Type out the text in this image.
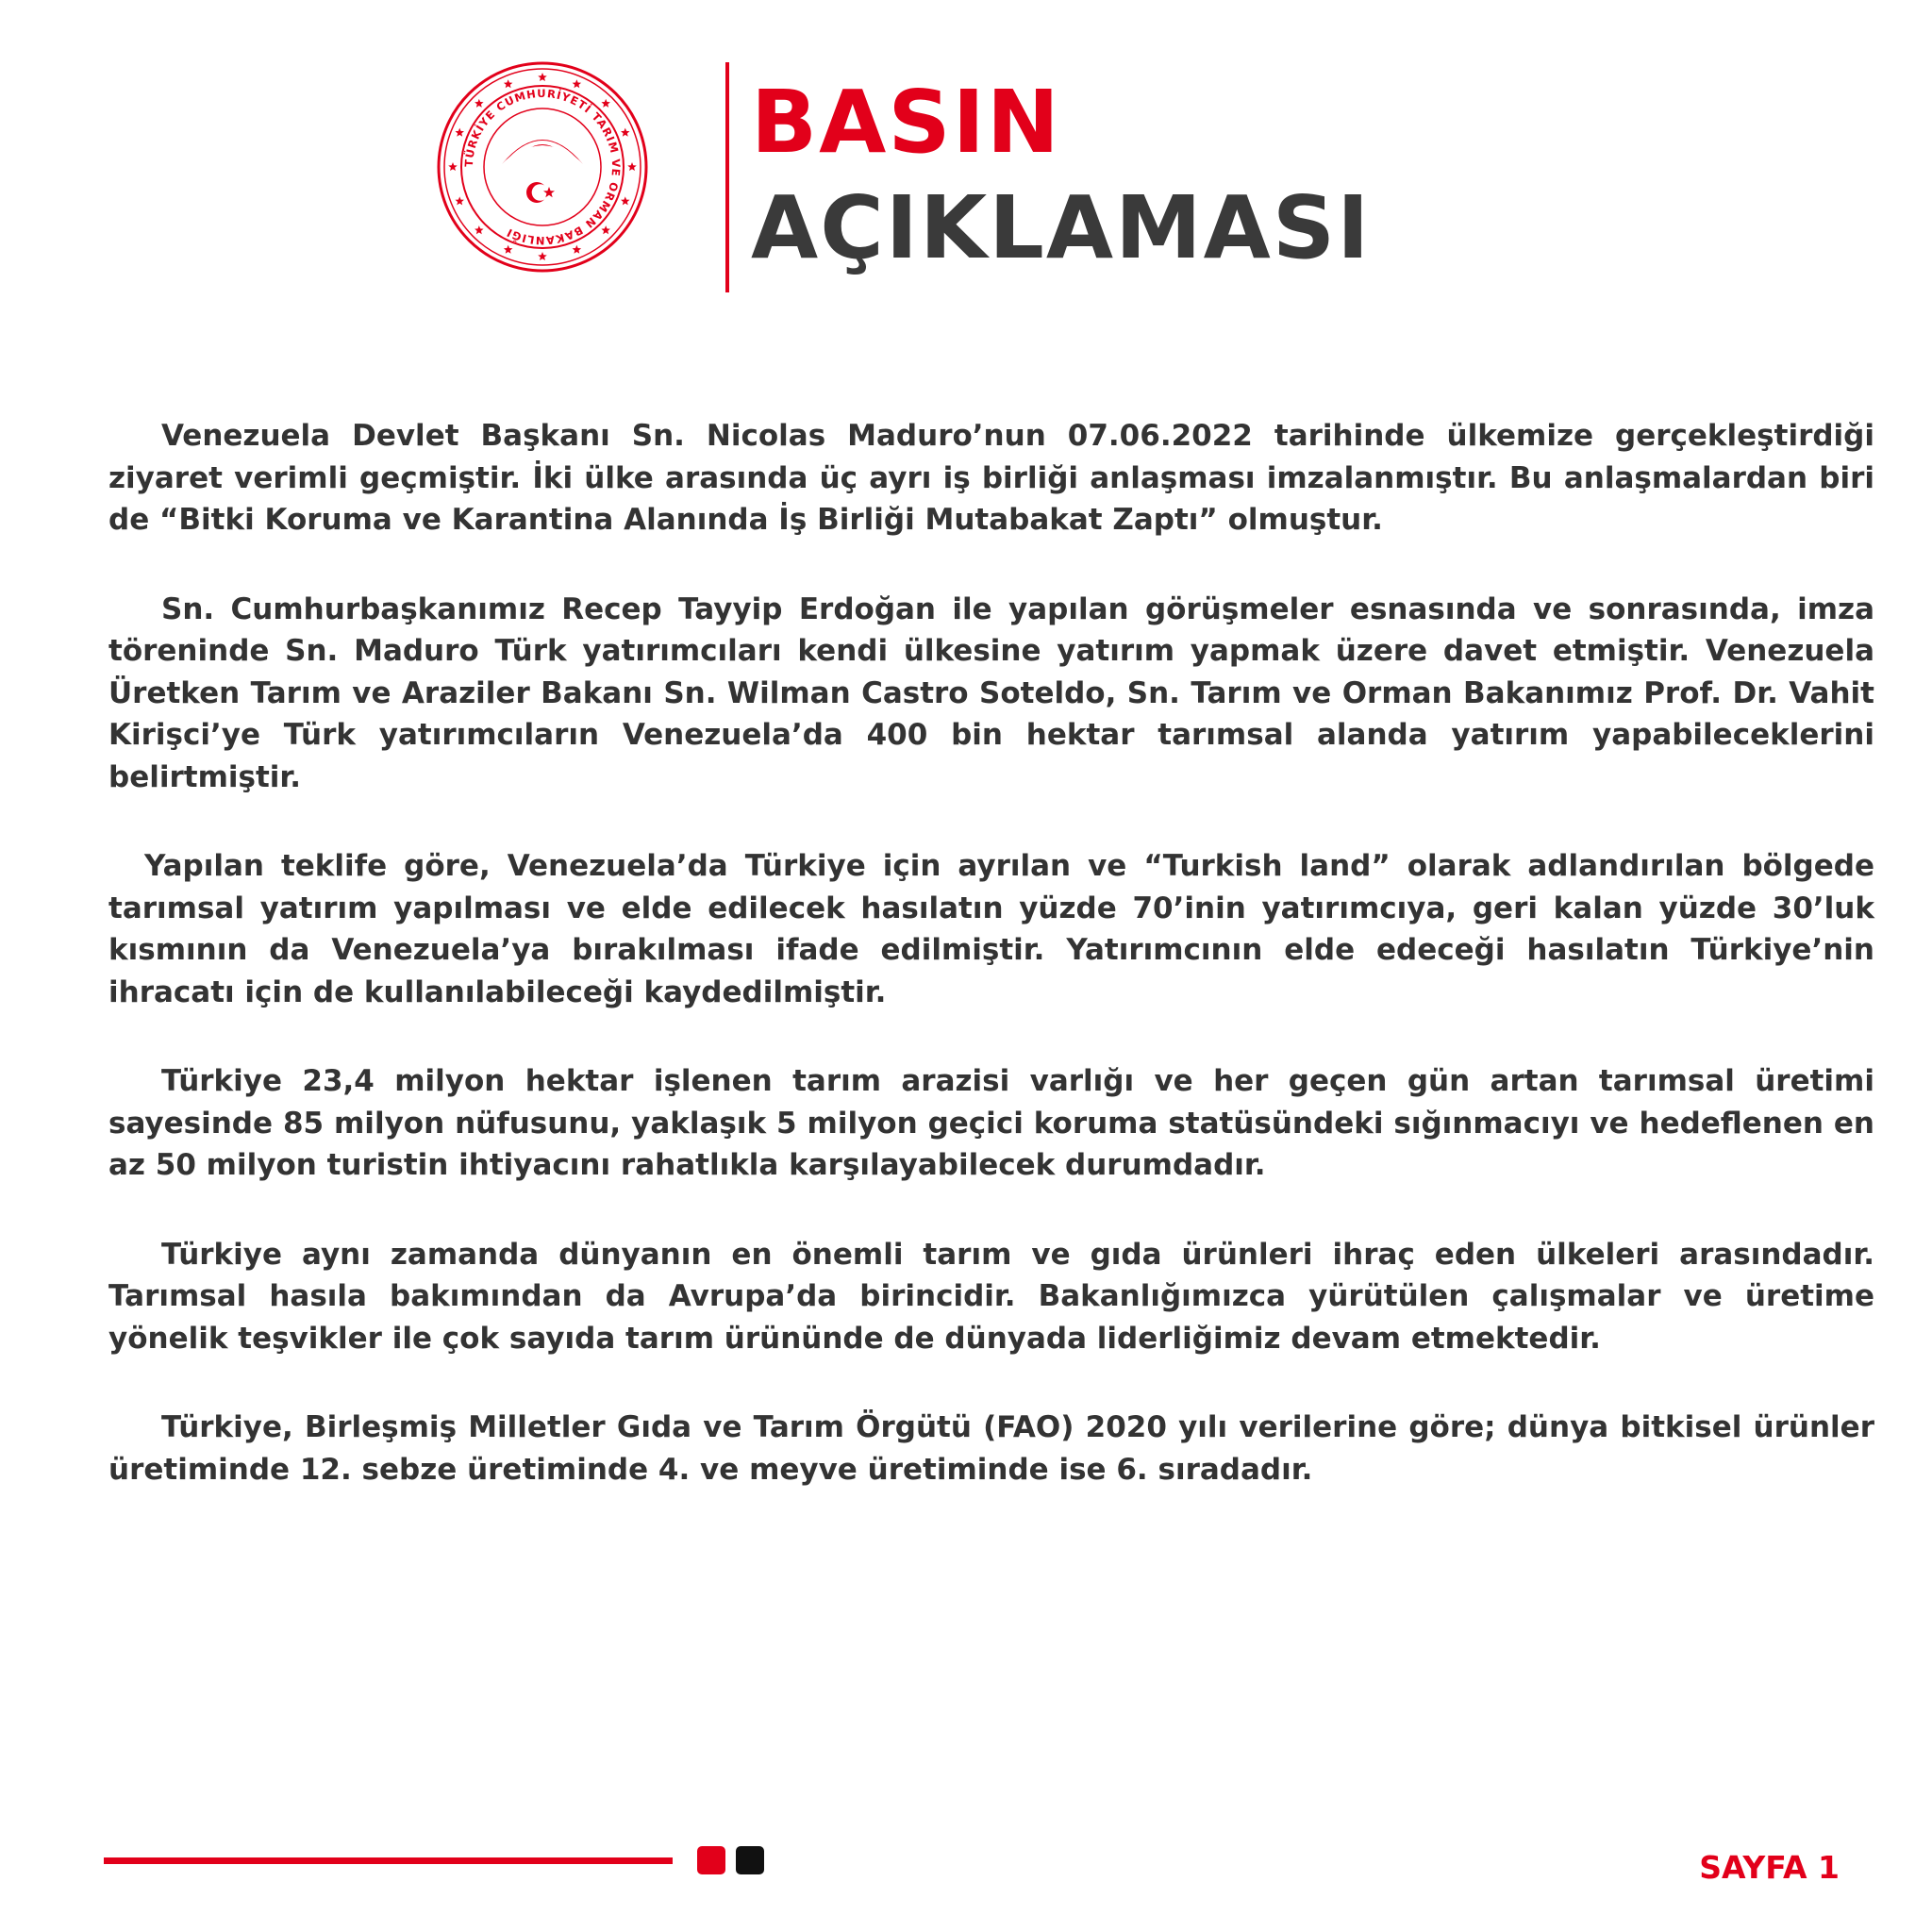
TÜRKİYE CUMHURİYETİ TARIM VE ORMAN BAKANLIĞI
BASIN
AÇIKLAMASI

Venezuela Devlet Başkanı Sn. Nicolas Maduro’nun 07.06.2022 tarihinde ülkemize gerçekleştirdiği ziyaret verimli geçmiştir. İki ülke arasında üç ayrı iş birliği anlaşması imzalanmıştır. Bu anlaşmalardan biri de “Bitki Koruma ve Karantina Alanında İş Birliği Mutabakat Zaptı” olmuştur.

Sn. Cumhurbaşkanımız Recep Tayyip Erdoğan ile yapılan görüşmeler esnasında ve sonrasında, imza töreninde Sn. Maduro Türk yatırımcıları kendi ülkesine yatırım yapmak üzere davet etmiştir. Venezuela Üretken Tarım ve Araziler Bakanı Sn. Wilman Castro Soteldo, Sn. Tarım ve Orman Bakanımız Prof. Dr. Vahit Kirişci’ye Türk yatırımcıların Venezuela’da 400 bin hektar tarımsal alanda yatırım yapabileceklerini belirtmiştir.

Yapılan teklife göre, Venezuela’da Türkiye için ayrılan ve “Turkish land” olarak adlandırılan bölgede tarımsal yatırım yapılması ve elde edilecek hasılatın yüzde 70’inin yatırımcıya, geri kalan yüzde 30’luk kısmının da Venezuela’ya bırakılması ifade edilmiştir. Yatırımcının elde edeceği hasılatın Türkiye’nin ihracatı için de kullanılabileceği kaydedilmiştir.

Türkiye 23,4 milyon hektar işlenen tarım arazisi varlığı ve her geçen gün artan tarımsal üretimi sayesinde 85 milyon nüfusunu, yaklaşık 5 milyon geçici koruma statüsündeki sığınmacıyı ve hedeflenen en az 50 milyon turistin ihtiyacını rahatlıkla karşılayabilecek durumdadır.

Türkiye aynı zamanda dünyanın en önemli tarım ve gıda ürünleri ihraç eden ülkeleri arasındadır. Tarımsal hasıla bakımından da Avrupa’da birincidir. Bakanlığımızca yürütülen çalışmalar ve üretime yönelik teşvikler ile çok sayıda tarım ürününde de dünyada liderliğimiz devam etmektedir.

Türkiye, Birleşmiş Milletler Gıda ve Tarım Örgütü (FAO) 2020 yılı verilerine göre; dünya bitkisel ürünler üretiminde 12. sebze üretiminde 4. ve meyve üretiminde ise 6. sıradadır.

SAYFA 1
